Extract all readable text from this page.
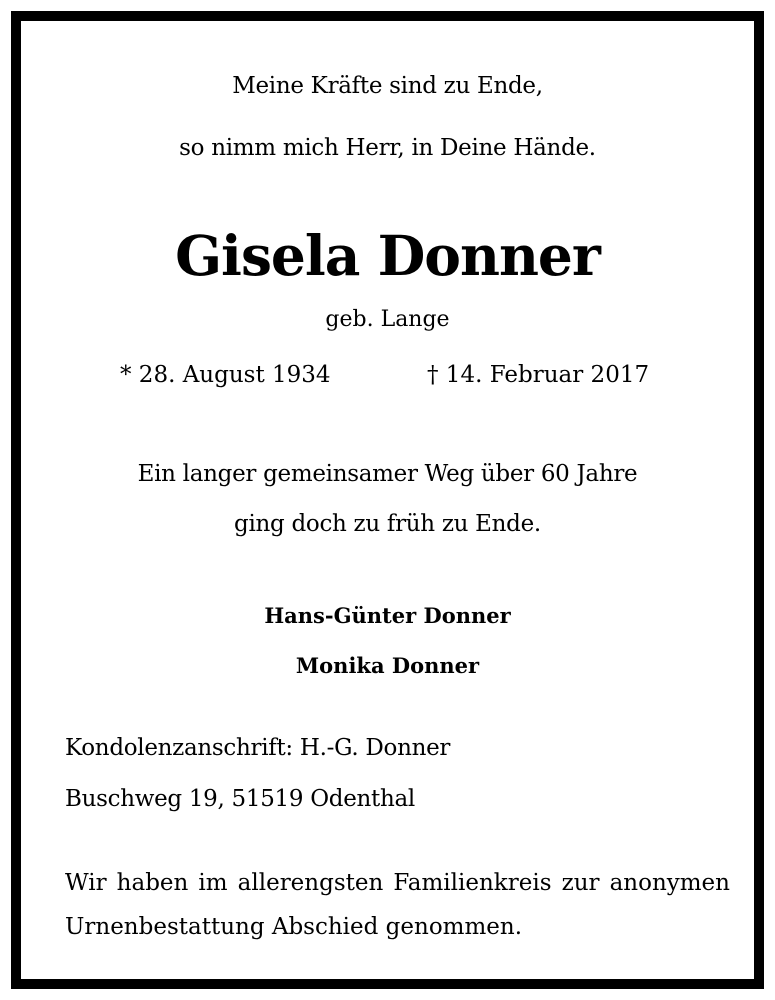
Meine Kräfte sind zu Ende,
so nimm mich Herr, in Deine Hände.
Gisela Donner
geb. Lange
* 28. August 1934	† 14. Februar 2017
Ein langer gemeinsamer Weg über 60 Jahre
ging doch zu früh zu Ende.
Hans-Günter Donner
Monika Donner
Kondolenzanschrift: H.-G. Donner
Buschweg 19, 51519 Odenthal
Wir haben im allerengsten Familienkreis zur anonymen Urnenbestattung Abschied genommen.
